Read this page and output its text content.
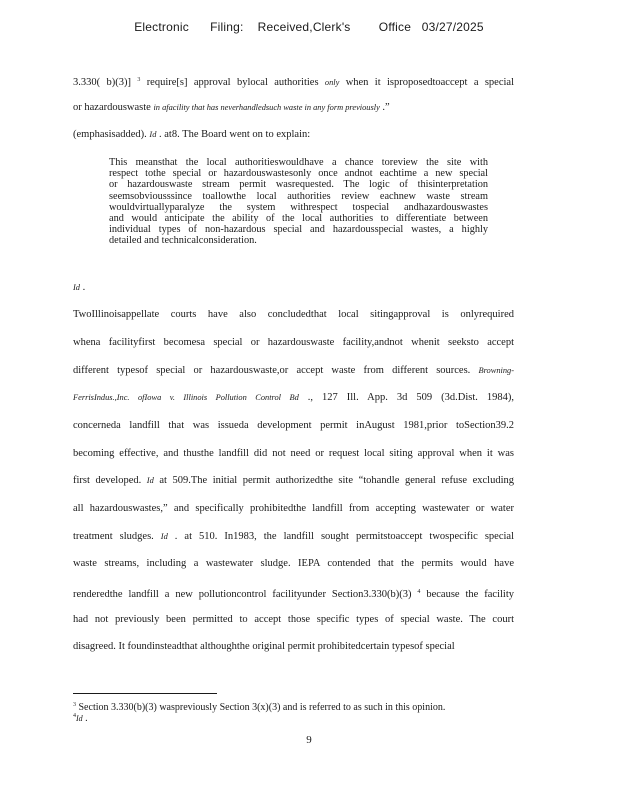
Electronic      Filing:    Received,Clerk's        Office   03/27/2025
3.330( b)(3)] $^3$ require[s] approval bylocal authorities only when it isproposedtoaccept a special
or hazardouswaste in afacility that has neverhandledsuch waste in any form previously .”
(emphasisadded). Id . at8. The Board went on to explain:
This meansthat the local authoritieswouldhave a chance toreview the site with
respect tothe special or hazardouswastesonly once andnot eachtime a new special
or hazardouswaste stream permit wasrequested. The logic of thisinterpretation
seemsobviousssince toallowthe local authorities review eachnew waste stream
wouldvirtuallyparalyze the system withrespect tospecial andhazardouswastes
and would anticipate the ability of the local authorities to differentiate between
individual types of non-hazardous special and hazardousspecial wastes, a highly
detailed and technicalconsideration.
Id .
TwoIllinoisappellate courts have also concludedthat local sitingapproval is onlyrequired
whena facilityfirst becomesa special or hazardouswaste facility,andnot whenit seeksto accept
different typesof special or hazardouswaste,or accept waste from different sources. Browning-
FerrisIndus.,Inc. ofIowa v. Illinois Pollution Control Bd ., 127 Ill. App. 3d 509 (3d.Dist. 1984),
concerneda landfill that was issueda development permit inAugust 1981,prior toSection39.2
becoming effective, and thusthe landfill did not need or request local siting approval when it was
first developed. Id at 509.The initial permit authorizedthe site “tohandle general refuse excluding
all hazardouswastes,” and specifically prohibitedthe landfill from accepting wastewater or water
treatment sludges. Id . at 510. In1983, the landfill sought permitstoaccept twospecific special
waste streams, including a wastewater sludge. IEPA contended that the permits would have
renderedthe landfill a new pollutioncontrol facilityunder Section3.330(b)(3) $^4$ because the facility
had not previously been permitted to accept those specific types of special waste. The court
disagreed. It foundinsteadthat althoughthe original permit prohibitedcertain typesof special
$^3$ Section 3.330(b)(3) waspreviously Section 3(x)(3) and is referred to as such in this opinion.
$^4$Id .
9
